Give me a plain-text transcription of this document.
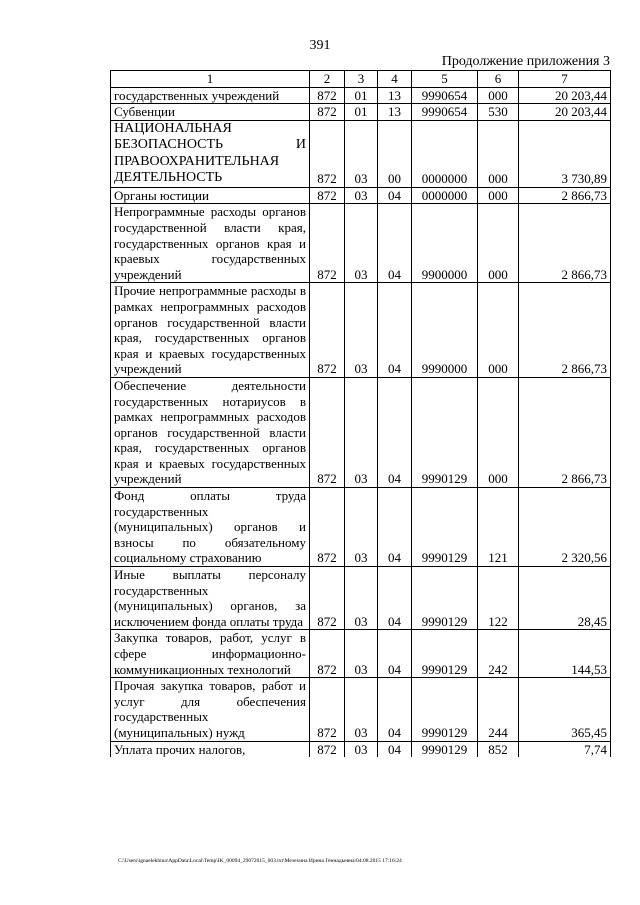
391
Продолжение приложения 3
1	2	3	4	5	6	7
государственных учреждений	872	01	13	9990654	000	20 203,44
Субвенции	872	01	13	9990654	530	20 203,44
НАЦИОНАЛЬНАЯ БЕЗОПАСНОСТЬ И ПРАВООХРАНИТЕЛЬНАЯ ДЕЯТЕЛЬНОСТЬ	872	03	00	0000000	000	3 730,89
Органы юстиции	872	03	04	0000000	000	2 866,73
Непрограммные расходы органов государственной власти края, государственных органов края и краевых государственных учреждений	872	03	04	9900000	000	2 866,73
Прочие непрограммные расходы в рамках непрограммных расходов органов государственной власти края, государственных органов края и краевых государственных учреждений	872	03	04	9990000	000	2 866,73
Обеспечение деятельности государственных нотариусов в рамках непрограммных расходов органов государственной власти края, государственных органов края и краевых государственных учреждений	872	03	04	9990129	000	2 866,73
Фонд оплаты труда государственных (муниципальных) органов и взносы по обязательному социальному страхованию	872	03	04	9990129	121	2 320,56
Иные выплаты персоналу государственных (муниципальных) органов, за исключением фонда оплаты труда	872	03	04	9990129	122	28,45
Закупка товаров, работ, услуг в сфере информационно-коммуникационных технологий	872	03	04	9990129	242	144,53
Прочая закупка товаров, работ и услуг для обеспечения государственных (муниципальных) нужд	872	03	04	9990129	244	365,45
Уплата прочих налогов,	872	03	04	9990129	852	7,74
C:\Users\ignaelekhina\AppData\Local\Temp\IK_00094_29072015_003.txt\Мезехина Ирина Геннадьевна\04.08.2015 17:16:24
